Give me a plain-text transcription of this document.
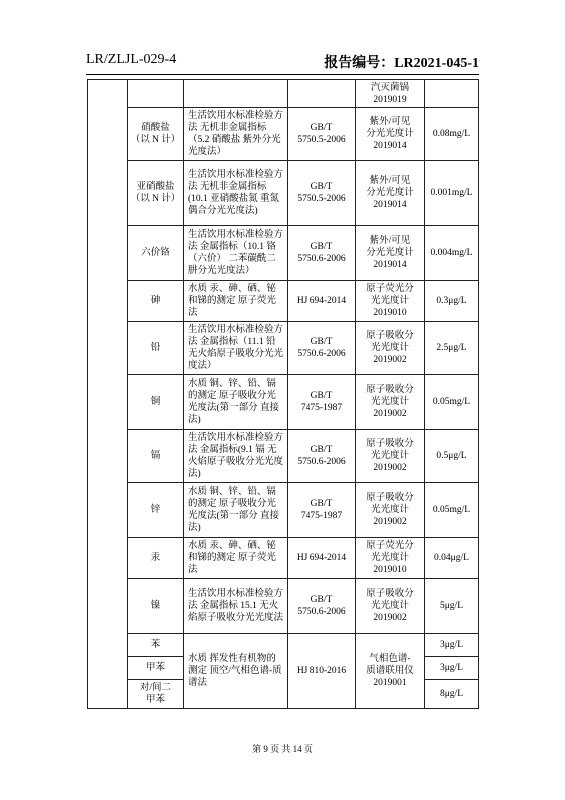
LR/ZLJL-029-4	报告编号：LR2021-045-1
				汽灭菌锅
2019019	
	硝酸盐
（以 N 计）	生活饮用水标准检验方法 无机非金属指标（5.2 硝酸盐 紫外分光光度法）	GB/T
5750.5-2006	紫外/可见
分光光度计
2019014	0.08mg/L
	亚硝酸盐
（以 N 计）	生活饮用水标准检验方法 无机非金属指标(10.1 亚硝酸盐氮 重氮偶合分光光度法)	GB/T
5750.5-2006	紫外/可见
分光光度计
2019014	0.001mg/L
	六价铬	生活饮用水标准检验方法 金属指标（10.1 铬（六价） 二苯碳酰二肼分光光度法）	GB/T
5750.6-2006	紫外/可见
分光光度计
2019014	0.004mg/L
	砷	水质 汞、砷、硒、铋和锑的测定 原子荧光法	HJ 694-2014	原子荧光分
光光度计
2019010	0.3μg/L
	铅	生活饮用水标准检验方法 金属指标（11.1 铅 无火焰原子吸收分光光度法）	GB/T
5750.6-2006	原子吸收分
光光度计
2019002	2.5μg/L
	铜	水质 铜、锌、铅、镉的测定 原子吸收分光光度法(第一部分 直接法)	GB/T
7475-1987	原子吸收分
光光度计
2019002	0.05mg/L
	镉	生活饮用水标准检验方法 金属指标(9.1 镉 无火焰原子吸收分光光度法)	GB/T
5750.6-2006	原子吸收分
光光度计
2019002	0.5μg/L
	锌	水质 铜、锌、铅、镉的测定 原子吸收分光光度法(第一部分 直接法)	GB/T
7475-1987	原子吸收分
光光度计
2019002	0.05mg/L
	汞	水质 汞、砷、硒、铋和锑的测定 原子荧光法	HJ 694-2014	原子荧光分
光光度计
2019010	0.04μg/L
	镍	生活饮用水标准检验方法 金属指标 15.1 无火焰原子吸收分光光度法	GB/T
5750.6-2006	原子吸收分
光光度计
2019002	5μg/L
	苯	水质 挥发性有机物的测定 顶空/气相色谱-质谱法	HJ 810-2016	气相色谱-
质谱联用仪
2019001	3μg/L
	甲苯				3μg/L
	对/间二
甲苯				8μg/L
第 9 页 共 14 页
